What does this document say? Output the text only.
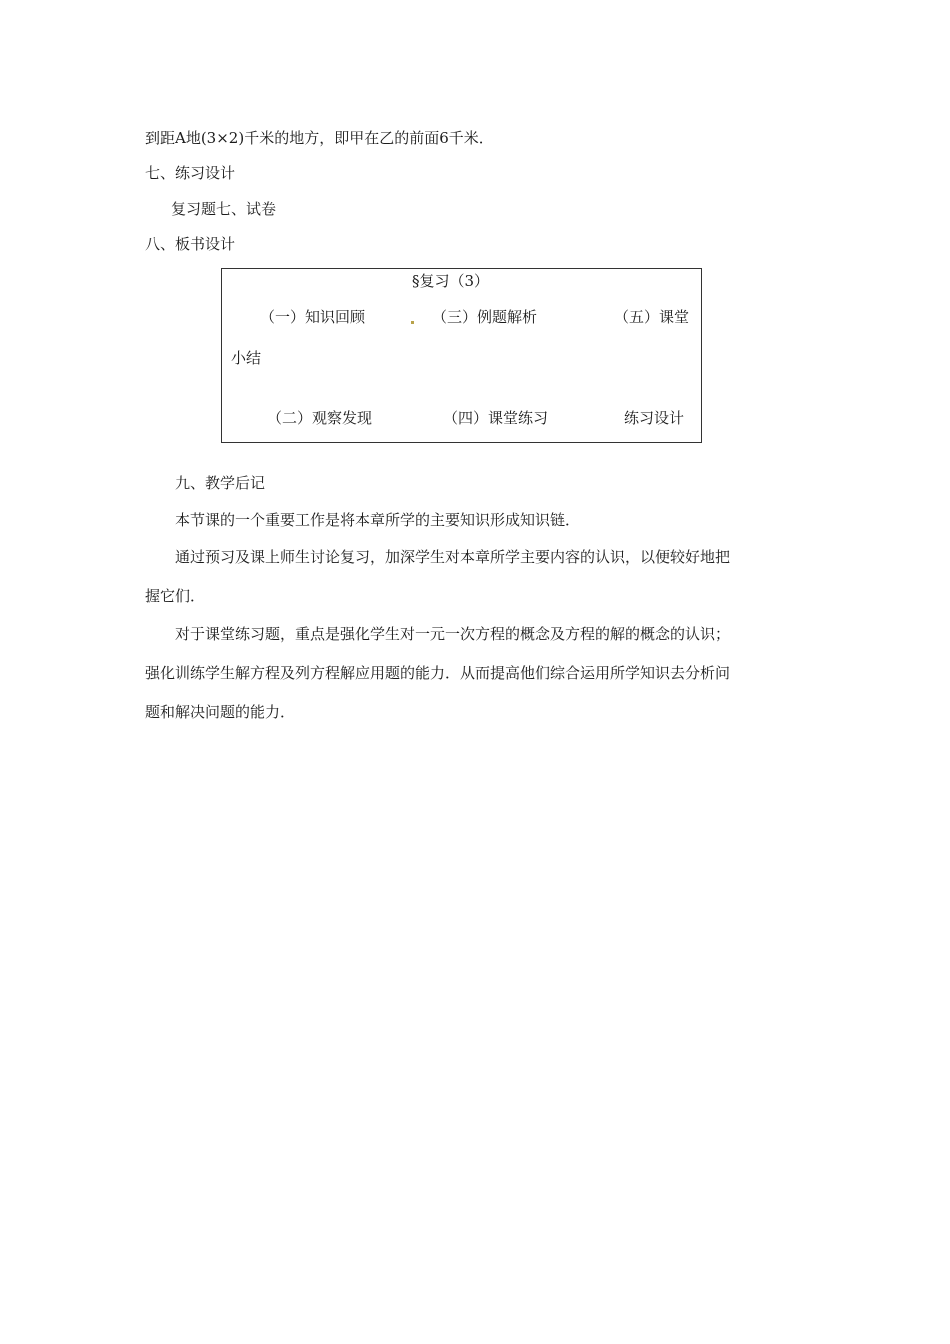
到距A地(3×2)千米的地方，即甲在乙的前面6千米．
七、练习设计
复习题七、试卷
八、板书设计
§复习（3）
（一）知识回顾	（三）例题解析	（五）课堂
小结
（二）观察发现	（四）课堂练习	练习设计
九、教学后记
本节课的一个重要工作是将本章所学的主要知识形成知识链．
通过预习及课上师生讨论复习，加深学生对本章所学主要内容的认识，以便较好地把
握它们．
对于课堂练习题，重点是强化学生对一元一次方程的概念及方程的解的概念的认识；
强化训练学生解方程及列方程解应用题的能力．从而提高他们综合运用所学知识去分析问
题和解决问题的能力．
